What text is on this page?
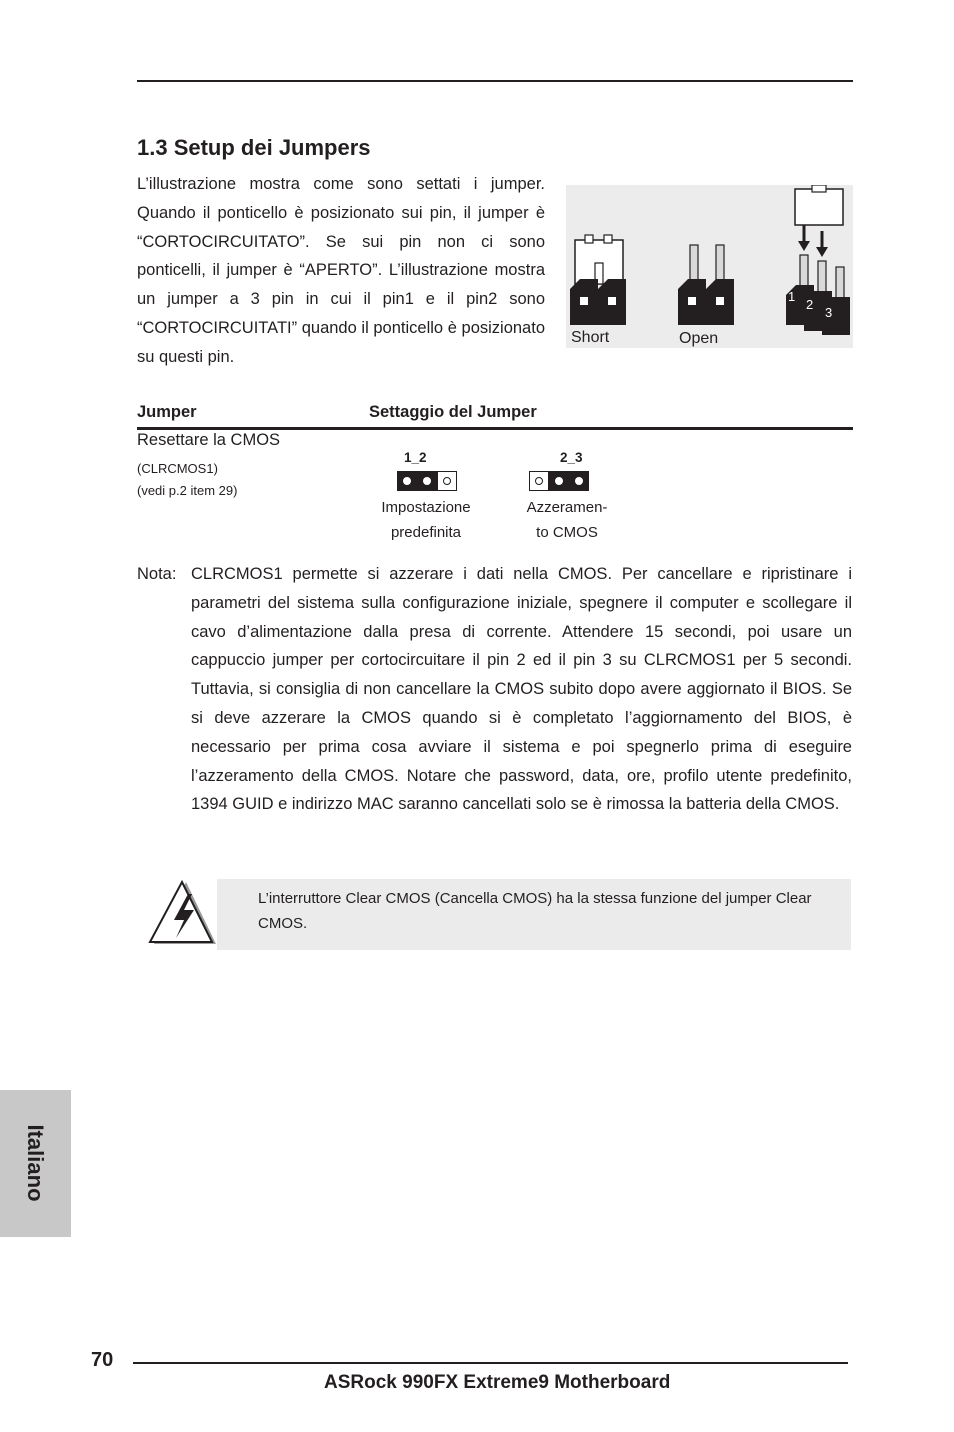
1.3 Setup dei Jumpers

L’illustrazione mostra come sono settati i jumper. Quando il ponticello è posizionato sui pin, il jumper è “CORTOCIRCUITATO”. Se sui pin non ci sono ponticelli, il jumper è “APERTO”. L’illustrazione mostra un jumper a 3 pin in cui il pin1 e il pin2 sono “CORTOCIRCUITATI” quando il ponticello è posizionato su questi pin.

1
2
3
Short	Open
Jumper	Settaggio del Jumper
Resettare la CMOS
(CLRCMOS1)
(vedi p.2 item 29)
1_2
Impostazione
predefinita
2_3
Azzeramen-
to CMOS
Nota: CLRCMOS1 permette si azzerare i dati nella CMOS. Per cancellare e ripristinare i parametri del sistema sulla configurazione iniziale, spegnere il computer e scollegare il cavo d’alimentazione dalla presa di corrente. Attendere 15 secondi, poi usare un cappuccio jumper per cortocircuitare il pin 2 ed il pin 3 su CLRCMOS1 per 5 secondi. Tuttavia, si consiglia di non cancellare la CMOS subito dopo avere aggiornato il BIOS. Se si deve azzerare la CMOS quando si è completato l’aggiornamento del BIOS, è necessario per prima cosa avviare il sistema e poi spegnerlo prima di eseguire l’azzeramento della CMOS. Notare che password, data, ore, profilo utente predefinito, 1394 GUID e indirizzo MAC saranno cancellati solo se è rimossa la batteria della CMOS.

L’interruttore Clear CMOS (Cancella CMOS) ha la stessa funzione del jumper Clear CMOS.

Italiano
70
ASRock 990FX Extreme9 Motherboard
